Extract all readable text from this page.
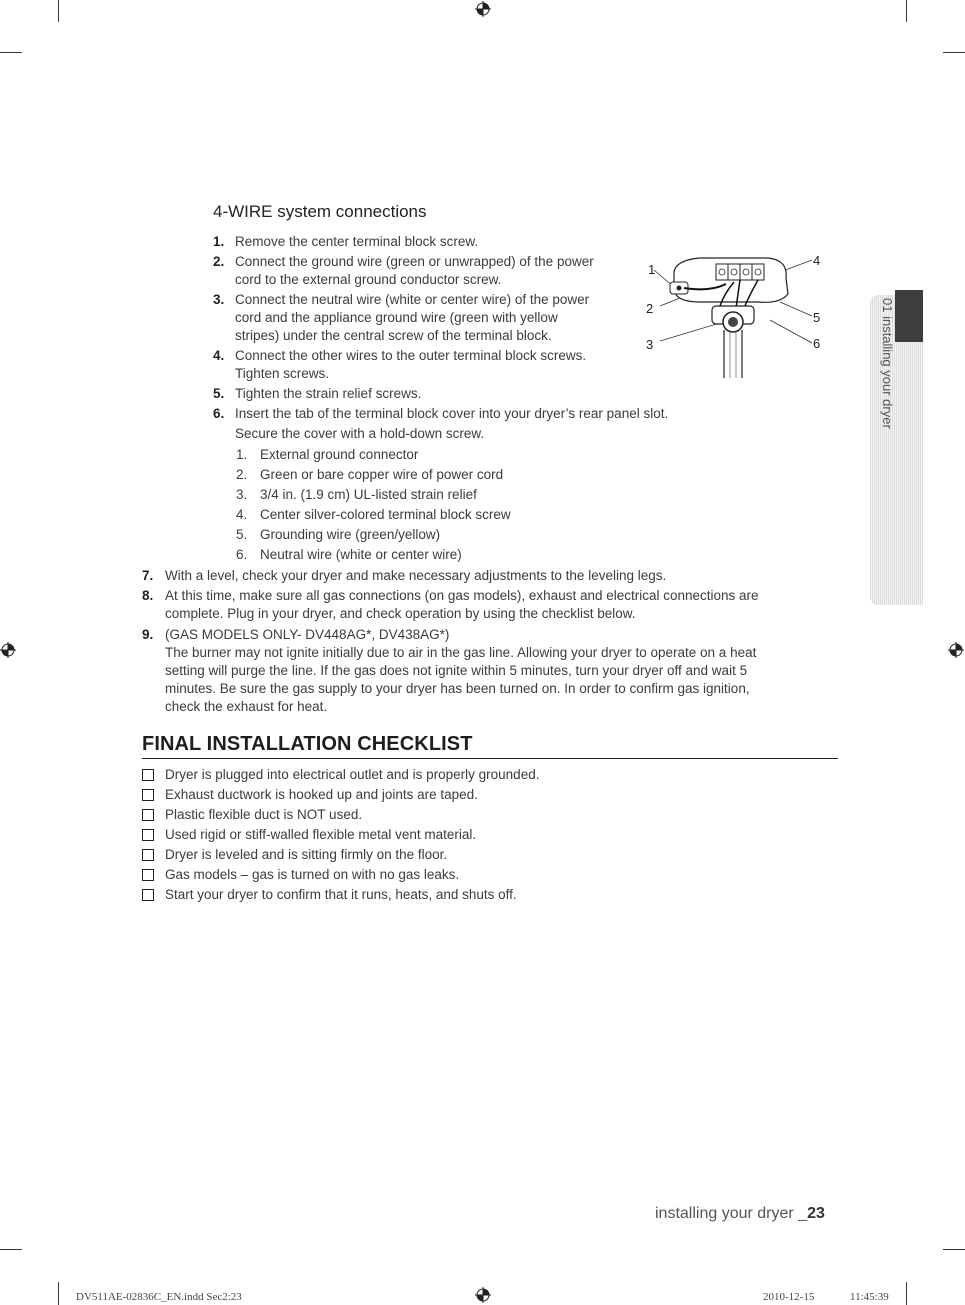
01 installing your dryer
4-WIRE system connections
1. Remove the center terminal block screw.
2. Connect the ground wire (green or unwrapped) of the power
cord to the external ground conductor screw.
3. Connect the neutral wire (white or center wire) of the power
cord and the appliance ground wire (green with yellow
stripes) under the central screw of the terminal block.
4. Connect the other wires to the outer terminal block screws.
Tighten screws.
5. Tighten the strain relief screws.
6. Insert the tab of the terminal block cover into your dryer’s rear panel slot.
Secure the cover with a hold-down screw.
1. External ground connector
2. Green or bare copper wire of power cord
3. 3/4 in. (1.9 cm) UL-listed strain relief
4. Center silver-colored terminal block screw
5. Grounding wire (green/yellow)
6. Neutral wire (white or center wire)
7. With a level, check your dryer and make necessary adjustments to the leveling legs.
8. At this time, make sure all gas connections (on gas models), exhaust and electrical connections are
complete. Plug in your dryer, and check operation by using the checklist below.
9. (GAS MODELS ONLY- DV448AG*, DV438AG*)
The burner may not ignite initially due to air in the gas line. Allowing your dryer to operate on a heat
setting will purge the line. If the gas does not ignite within 5 minutes, turn your dryer off and wait 5
minutes. Be sure the gas supply to your dryer has been turned on. In order to confirm gas ignition,
check the exhaust for heat.
1
2
3
4
5
6
FINAL INSTALLATION CHECKLIST
Dryer is plugged into electrical outlet and is properly grounded.
Exhaust ductwork is hooked up and joints are taped.
Plastic flexible duct is NOT used.
Used rigid or stiff-walled flexible metal vent material.
Dryer is leveled and is sitting firmly on the floor.
Gas models – gas is turned on with no gas leaks.
Start your dryer to confirm that it runs, heats, and shuts off.
installing your dryer _23
DV511AE-02836C_EN.indd Sec2:23	2010-12-15	11:45:39
